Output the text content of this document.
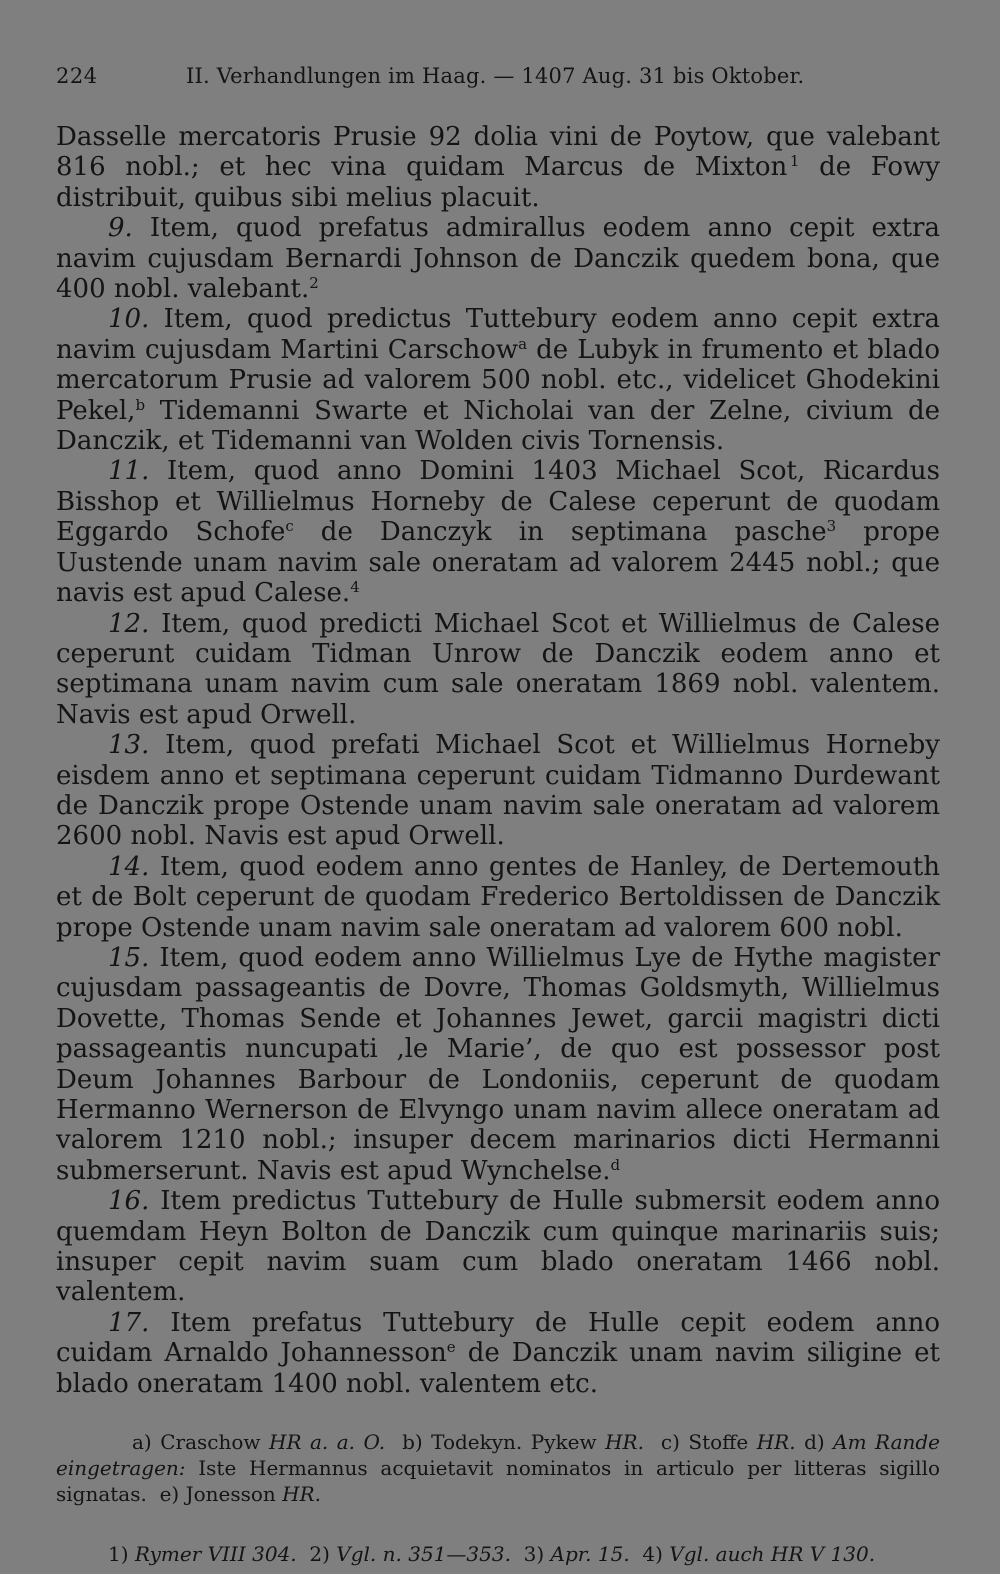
224	II. Verhandlungen im Haag. — 1407 Aug. 31 bis Oktober.

Dasselle mercatoris Prusie 92 dolia vini de Poytow, que valebant 816 nobl.; et hec vina quidam Marcus de Mixton  $^1$ de Fowy distribuit, quibus sibi melius placuit.

9. Item, quod prefatus admirallus eodem anno cepit extra navim cujusdam Bernardi Johnson de Danczik quedem bona, que 400 nobl. valebant.$^2$

10. Item, quod predictus Tuttebury eodem anno cepit extra navim cujusdam Martini Carschow$^a$ de Lubyk in frumento et blado mercatorum Prusie ad valorem 500 nobl. etc., videlicet Ghodekini Pekel,$^b$ Tidemanni Swarte et Nicholai van der Zelne, civium de Danczik, et Tidemanni van Wolden civis Tornensis.

11. Item, quod anno Domini 1403 Michael Scot, Ricardus Bisshop et Willielmus Horneby de Calese ceperunt de quodam Eggardo Schofe$^c$ de Danczyk in septimana pasche$^3$ prope Uustende unam navim sale oneratam ad valorem 2445 nobl.; que navis est apud Calese.$^4$

12. Item, quod predicti Michael Scot et Willielmus de Calese ceperunt cuidam Tidman Unrow de Danczik eodem anno et septimana unam navim cum sale oneratam 1869 nobl. valentem. Navis est apud Orwell.

13. Item, quod prefati Michael Scot et Willielmus Horneby eisdem anno et septimana ceperunt cuidam Tidmanno Durdewant de Danczik prope Ostende unam navim sale oneratam ad valorem 2600 nobl. Navis est apud Orwell.

14. Item, quod eodem anno gentes de Hanley, de Dertemouth et de Bolt ceperunt de quodam Frederico Bertoldissen de Danczik prope Ostende unam navim sale oneratam ad valorem 600 nobl.

15. Item, quod eodem anno Willielmus Lye de Hythe magister cujusdam passageantis de Dovre, Thomas Goldsmyth, Willielmus Dovette, Thomas Sende et Johannes Jewet, garcii magistri dicti passageantis nuncupati ‚le Marie’, de quo est possessor post Deum Johannes Barbour de Londoniis, ceperunt de quodam Hermanno Wernerson de Elvyngo unam navim allece oneratam ad valorem 1210 nobl.; insuper decem marinarios dicti Hermanni submerserunt. Navis est apud Wynchelse.$^d$

16. Item predictus Tuttebury de Hulle submersit eodem anno quemdam Heyn Bolton de Danczik cum quinque marinariis suis; insuper cepit navim suam cum blado oneratam 1466 nobl. valentem.

17. Item prefatus Tuttebury de Hulle cepit eodem anno cuidam Arnaldo Johannesson$^e$ de Danczik unam navim siligine et blado oneratam 1400 nobl. valentem etc.

a) Craschow HR a. a. O.  b) Todekyn. Pykew HR.  c) Stoffe HR. d) Am Rande eingetragen: Iste Hermannus acquietavit nominatos in articulo per litteras sigillo signatas.  e) Jonesson HR.

1) Rymer VIII 304.  2) Vgl. n. 351—353.  3) Apr. 15.  4) Vgl. auch HR V 130.
